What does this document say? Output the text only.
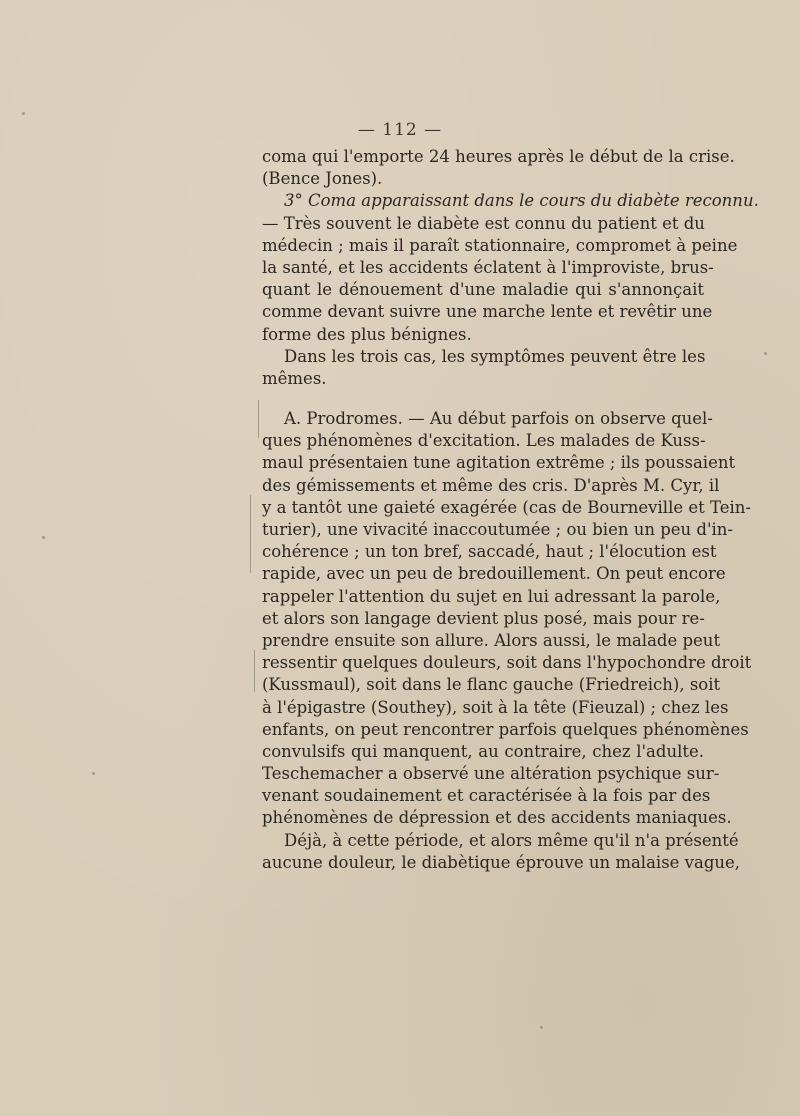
— 112 —
coma qui l'emporte 24 heures après le début de la crise.
(Bence Jones).
3° Coma apparaissant dans le cours du diabète reconnu.
— Très souvent le diabète est connu du patient et du
médecin ; mais il paraît stationnaire, compromet à peine
la santé, et les accidents éclatent à l'improviste, brus-
quant le dénouement d'une maladie qui s'annonçait
comme devant suivre une marche lente et revêtir une
forme des plus bénignes.
Dans les trois cas, les symptômes peuvent être les
mêmes.
A. Prodromes. — Au début parfois on observe quel-
ques phénomènes d'excitation. Les malades de Kuss-
maul présentaien tune agitation extrême ; ils poussaient
des gémissements et même des cris. D'après M. Cyr, il
y a tantôt une gaieté exagérée (cas de Bourneville et Tein-
turier), une vivacité inaccoutumée ; ou bien un peu d'in-
cohérence ; un ton bref, saccadé, haut ; l'élocution est
rapide, avec un peu de bredouillement. On peut encore
rappeler l'attention du sujet en lui adressant la parole,
et alors son langage devient plus posé, mais pour re-
prendre ensuite son allure. Alors aussi, le malade peut
ressentir quelques douleurs, soit dans l'hypochondre droit
(Kussmaul), soit dans le flanc gauche (Friedreich), soit
à l'épigastre (Southey), soit à la tête (Fieuzal) ; chez les
enfants, on peut rencontrer parfois quelques phénomènes
convulsifs qui manquent, au contraire, chez l'adulte.
Teschemacher a observé une altération psychique sur-
venant soudainement et caractérisée à la fois par des
phénomènes de dépression et des accidents maniaques.
Déjà, à cette période, et alors même qu'il n'a présenté
aucune douleur, le diabètique éprouve un malaise vague,
